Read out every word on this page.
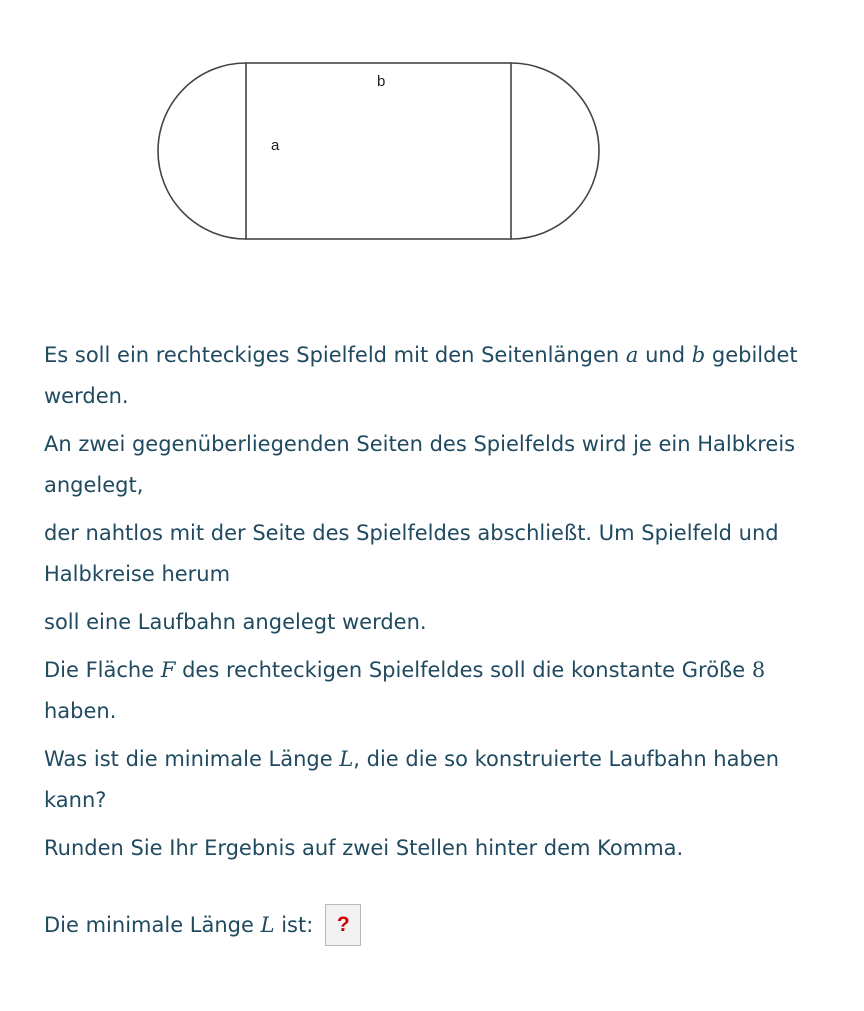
b
a

Es soll ein rechteckiges Spielfeld mit den Seitenlängen a und b gebildet werden.

An zwei gegenüberliegenden Seiten des Spielfelds wird je ein Halbkreis angelegt,

der nahtlos mit der Seite des Spielfeldes abschließt. Um Spielfeld und Halbkreise herum

soll eine Laufbahn angelegt werden.

Die Fläche F des rechteckigen Spielfeldes soll die konstante Größe 8 haben.

Was ist die minimale Länge L, die die so konstruierte Laufbahn haben kann?

Runden Sie Ihr Ergebnis auf zwei Stellen hinter dem Komma.

Die minimale Länge L ist:	?
